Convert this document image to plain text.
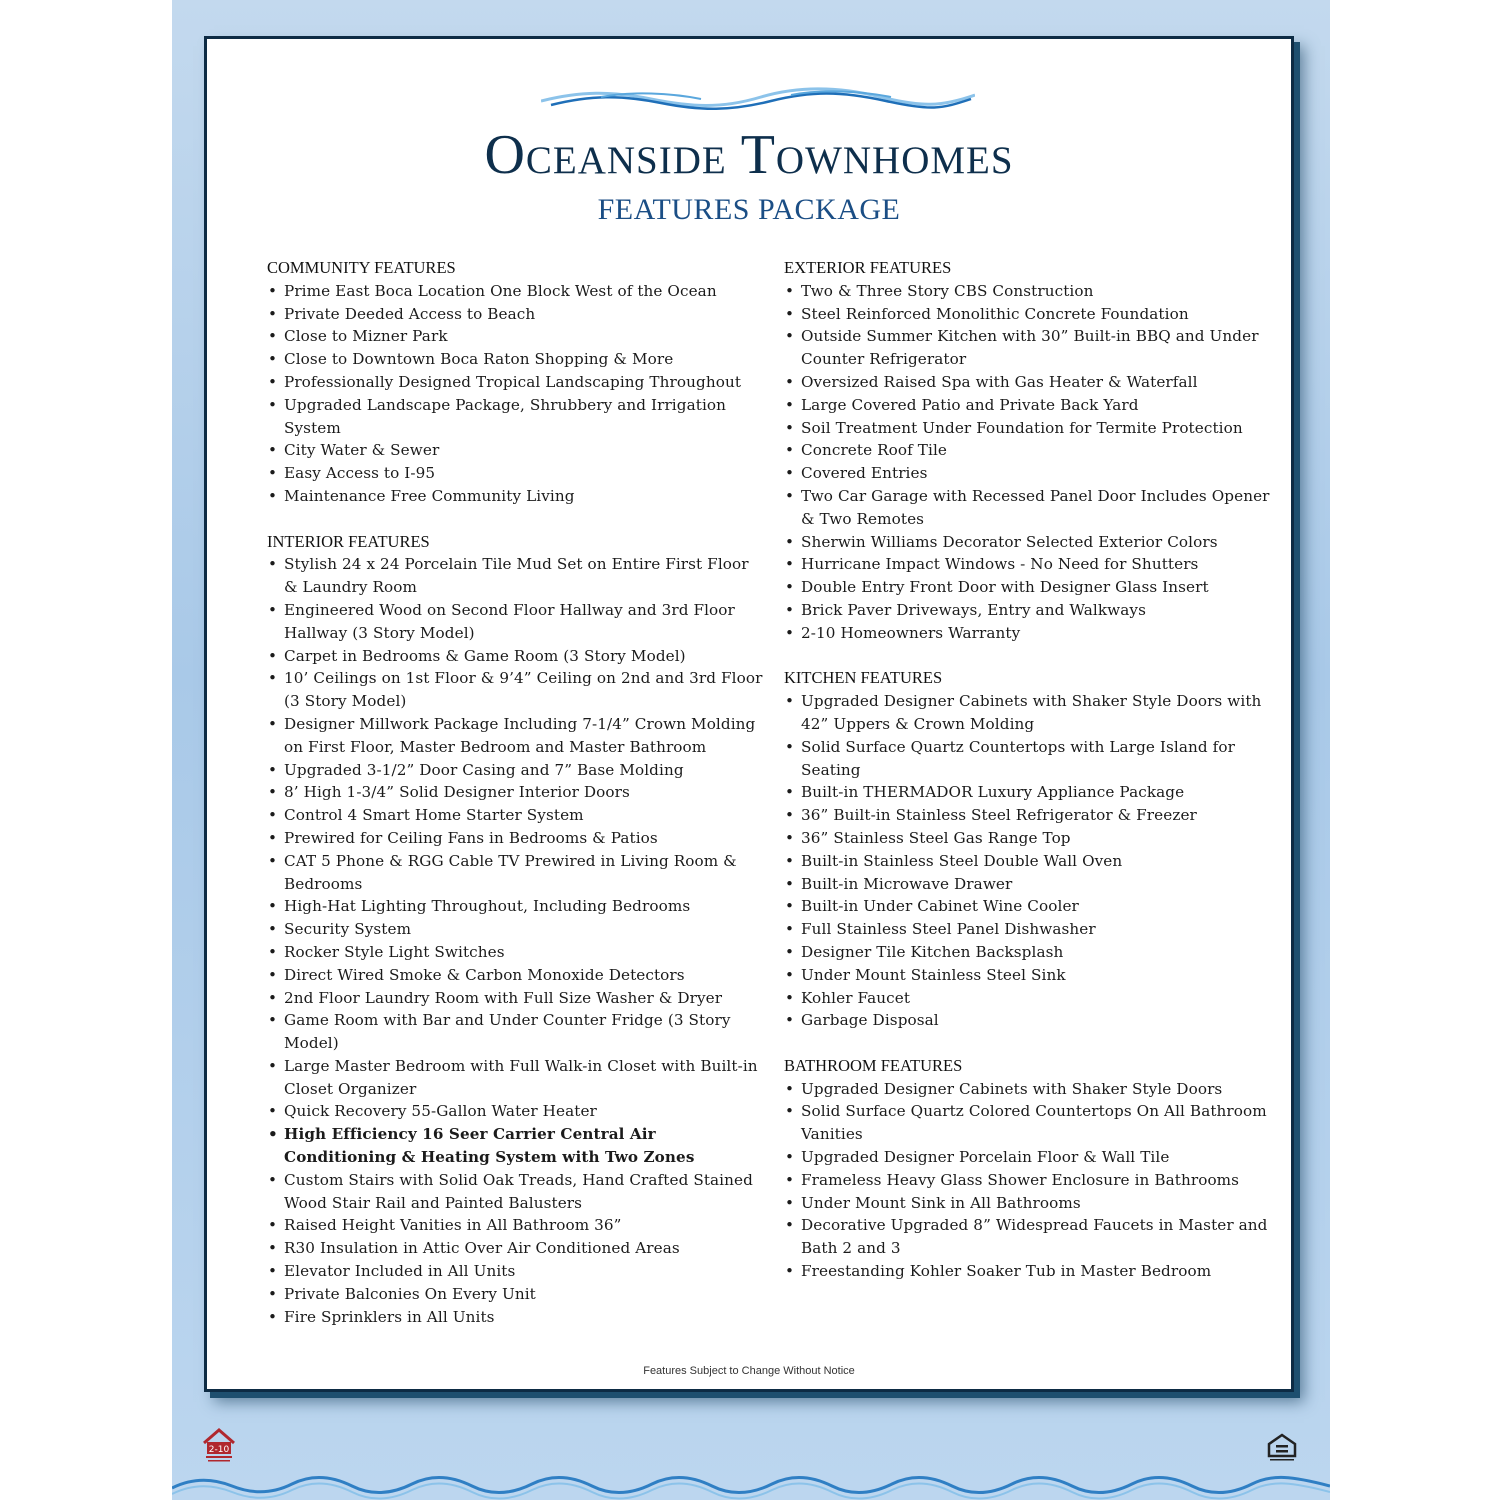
Oceanside Townhomes
FEATURES PACKAGE
COMMUNITY FEATURES
• Prime East Boca Location One Block West of the Ocean
• Private Deeded Access to Beach
• Close to Mizner Park
• Close to Downtown Boca Raton Shopping & More
• Professionally Designed Tropical Landscaping Throughout
• Upgraded Landscape Package, Shrubbery and Irrigation System
• City Water & Sewer
• Easy Access to I-95
• Maintenance Free Community Living
INTERIOR FEATURES
• Stylish 24 x 24 Porcelain Tile Mud Set on Entire First Floor & Laundry Room
• Engineered Wood on Second Floor Hallway and 3rd Floor Hallway (3 Story Model)
• Carpet in Bedrooms & Game Room (3 Story Model)
• 10’ Ceilings on 1st Floor & 9’4” Ceiling on 2nd and 3rd Floor (3 Story Model)
• Designer Millwork Package Including 7-1/4” Crown Molding on First Floor, Master Bedroom and Master Bathroom
• Upgraded 3-1/2” Door Casing and 7” Base Molding
• 8’ High 1-3/4” Solid Designer Interior Doors
• Control 4 Smart Home Starter System
• Prewired for Ceiling Fans in Bedrooms & Patios
• CAT 5 Phone & RGG Cable TV Prewired in Living Room & Bedrooms
• High-Hat Lighting Throughout, Including Bedrooms
• Security System
• Rocker Style Light Switches
• Direct Wired Smoke & Carbon Monoxide Detectors
• 2nd Floor Laundry Room with Full Size Washer & Dryer
• Game Room with Bar and Under Counter Fridge (3 Story Model)
• Large Master Bedroom with Full Walk-in Closet with Built-in Closet Organizer
• Quick Recovery 55-Gallon Water Heater
• High Efficiency 16 Seer Carrier Central Air Conditioning & Heating System with Two Zones
• Custom Stairs with Solid Oak Treads, Hand Crafted Stained Wood Stair Rail and Painted Balusters
• Raised Height Vanities in All Bathroom 36”
• R30 Insulation in Attic Over Air Conditioned Areas
• Elevator Included in All Units
• Private Balconies On Every Unit
• Fire Sprinklers in All Units
EXTERIOR FEATURES
• Two & Three Story CBS Construction
• Steel Reinforced Monolithic Concrete Foundation
• Outside Summer Kitchen with 30” Built-in BBQ and Under Counter Refrigerator
• Oversized Raised Spa with Gas Heater & Waterfall
• Large Covered Patio and Private Back Yard
• Soil Treatment Under Foundation for Termite Protection
• Concrete Roof Tile
• Covered Entries
• Two Car Garage with Recessed Panel Door Includes Opener & Two Remotes
• Sherwin Williams Decorator Selected Exterior Colors
• Hurricane Impact Windows - No Need for Shutters
• Double Entry Front Door with Designer Glass Insert
• Brick Paver Driveways, Entry and Walkways
• 2-10 Homeowners Warranty
KITCHEN FEATURES
• Upgraded Designer Cabinets with Shaker Style Doors with 42” Uppers & Crown Molding
• Solid Surface Quartz Countertops with Large Island for Seating
• Built-in THERMADOR Luxury Appliance Package
• 36” Built-in Stainless Steel Refrigerator & Freezer
• 36” Stainless Steel Gas Range Top
• Built-in Stainless Steel Double Wall Oven
• Built-in Microwave Drawer
• Built-in Under Cabinet Wine Cooler
• Full Stainless Steel Panel Dishwasher
• Designer Tile Kitchen Backsplash
• Under Mount Stainless Steel Sink
• Kohler Faucet
• Garbage Disposal
BATHROOM FEATURES
• Upgraded Designer Cabinets with Shaker Style Doors
• Solid Surface Quartz Colored Countertops On All Bathroom Vanities
• Upgraded Designer Porcelain Floor & Wall Tile
• Frameless Heavy Glass Shower Enclosure in Bathrooms
• Under Mount Sink in All Bathrooms
• Decorative Upgraded 8” Widespread Faucets in Master and Bath 2 and 3
• Freestanding Kohler Soaker Tub in Master Bedroom
Features Subject to Change Without Notice
2-10
